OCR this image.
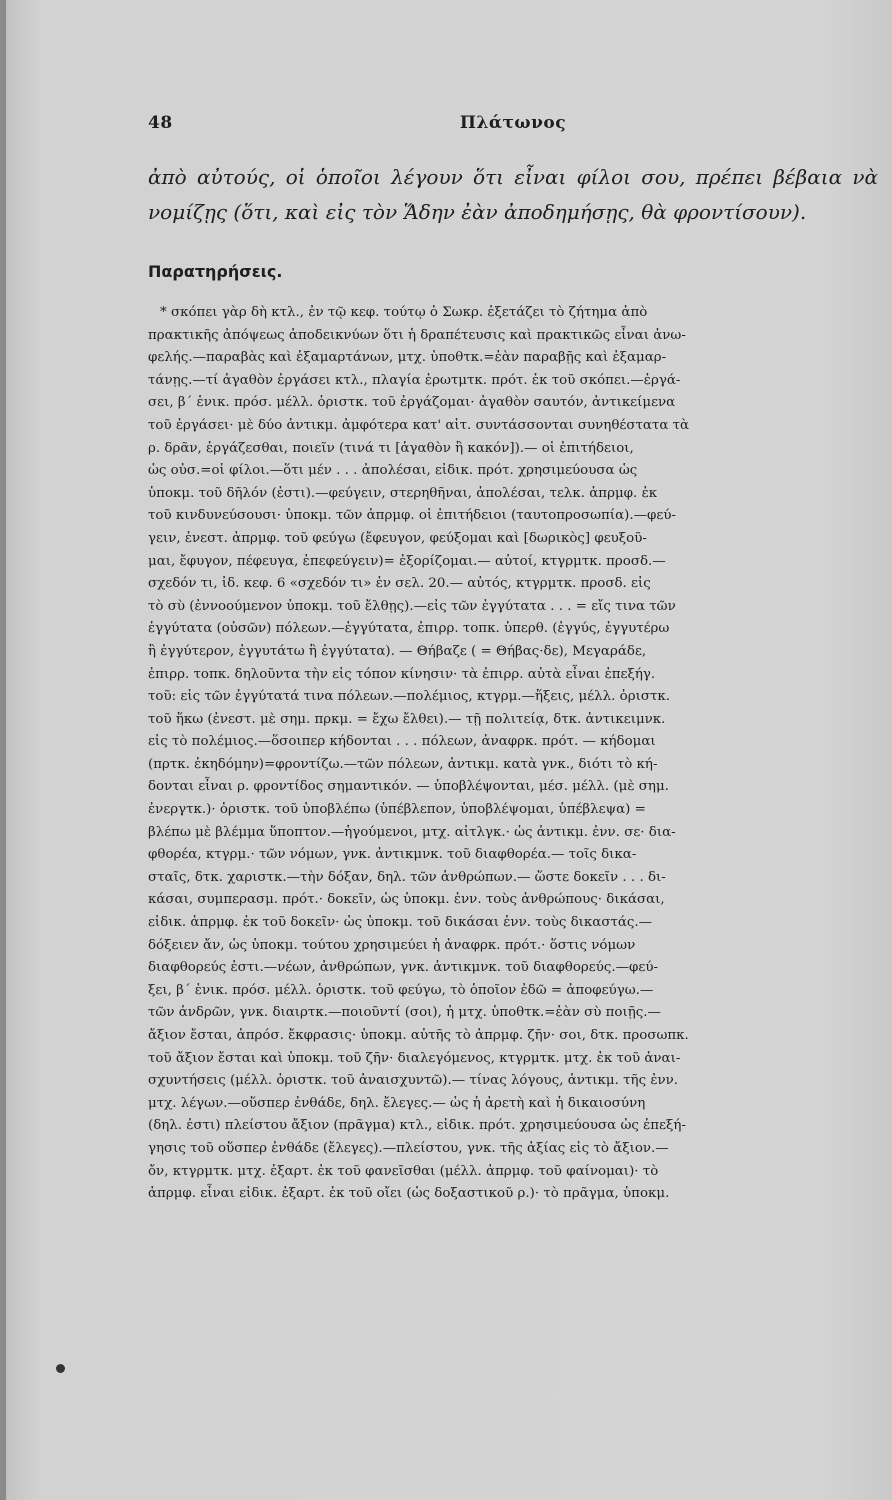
48	Πλάτωνος
ἀπὸ αὐτούς, οἱ ὁποῖοι λέγουν ὅτι εἶναι φίλοι σου, πρέπει βέβαια νὰ νομίζῃς (ὅτι, καὶ εἰς τὸν Ἅδην ἐὰν ἀποδημήσῃς, θὰ φροντίσουν).
Παρατηρήσεις.
* σκόπει γὰρ δὴ κτλ., ἐν τῷ κεφ. τούτῳ ὁ Σωκρ. ἐξετάζει τὸ ζήτημα ἀπὸ
πρακτικῆς ἀπόψεως ἀποδεικνύων ὅτι ἡ δραπέτευσις καὶ πρακτικῶς εἶναι ἀνω-
φελής.—παραβὰς καὶ ἐξαμαρτάνων, μτχ. ὑποθτκ.=ἐὰν παραβῇς καὶ ἐξαμαρ-
τάνῃς.—τί ἀγαθὸν ἐργάσει κτλ., πλαγία ἐρωτμτκ. πρότ. ἐκ τοῦ σκόπει.—ἐργά-
σει, β΄ ἑνικ. πρόσ. μέλλ. ὁριστκ. τοῦ ἐργάζομαι· ἀγαθὸν σαυτόν, ἀντικείμενα
τοῦ ἐργάσει· μὲ δύο ἀντικμ. ἀμφότερα κατ' αἰτ. συντάσσονται συνηθέστατα τὰ
ρ. δρᾶν, ἐργάζεσθαι, ποιεῖν (τινά τι [ἀγαθὸν ἢ κακόν]).— οἱ ἐπιτήδειοι,
ὡς οὐσ.=οἱ φίλοι.—ὅτι μέν . . . ἀπολέσαι, εἰδικ. πρότ. χρησιμεύουσα ὡς
ὑποκμ. τοῦ δῆλόν (ἐστι).—φεύγειν, στερηθῆναι, ἀπολέσαι, τελκ. ἀπρμφ. ἐκ
τοῦ κινδυνεύσουσι· ὑποκμ. τῶν ἀπρμφ. οἱ ἐπιτήδειοι (ταυτοπροσωπία).—φεύ-
γειν, ἐνεστ. ἀπρμφ. τοῦ φεύγω (ἔφευγον, φεύξομαι καὶ [δωρικὸς] φευξοῦ-
μαι, ἔφυγον, πέφευγα, ἐπεφεύγειν)= ἐξορίζομαι.— αὐτοί, κτγρμτκ. προσδ.—
σχεδόν τι, ἰδ. κεφ. 6 «σχεδόν τι» ἐν σελ. 20.— αὐτός, κτγρμτκ. προσδ. εἰς
τὸ σὺ (ἐννοούμενον ὑποκμ. τοῦ ἔλθῃς).—εἰς τῶν ἐγγύτατα . . . = εἴς τινα τῶν
ἐγγύτατα (οὐσῶν) πόλεων.—ἐγγύτατα, ἐπιρρ. τοπκ. ὑπερθ. (ἐγγύς, ἐγγυτέρω
ἢ ἐγγύτερον, ἐγγυτάτω ἢ ἐγγύτατα). — Θήβαζε ( = Θήβας·δε), Μεγαράδε,
ἐπιρρ. τοπκ. δηλοῦντα τὴν εἰς τόπον κίνησιν· τὰ ἐπιρρ. αὐτὰ εἶναι ἐπεξήγ.
τοῦ: εἰς τῶν ἐγγύτατά τινα πόλεων.—πολέμιος, κτγρμ.—ἥξεις, μέλλ. ὁριστκ.
τοῦ ἥκω (ἐνεστ. μὲ σημ. πρκμ. = ἔχω ἔλθει).— τῇ πολιτείᾳ, δτκ. ἀντικειμνκ.
εἰς τὸ πολέμιος.—ὅσοιπερ κήδονται . . . πόλεων, ἀναφρκ. πρότ. — κήδομαι
(πρτκ. ἐκηδόμην)=φροντίζω.—τῶν πόλεων, ἀντικμ. κατὰ γνκ., διότι τὸ κή-
δονται εἶναι ρ. φροντίδος σημαντικόν. — ὑποβλέψονται, μέσ. μέλλ. (μὲ σημ.
ἐνεργτκ.)· ὁριστκ. τοῦ ὑποβλέπω (ὑπέβλεπον, ὑποβλέψομαι, ὑπέβλεψα) =
βλέπω μὲ βλέμμα ὕποπτον.—ἡγούμενοι, μτχ. αἰτλγκ.· ὡς ἀντικμ. ἐνν. σε· δια-
φθορέα, κτγρμ.· τῶν νόμων, γνκ. ἀντικμνκ. τοῦ διαφθορέα.— τοῖς δικα-
σταῖς, δτκ. χαριστκ.—τὴν δόξαν, δηλ. τῶν ἀνθρώπων.— ὥστε δοκεῖν . . . δι-
κάσαι, συμπερασμ. πρότ.· δοκεῖν, ὡς ὑποκμ. ἐνν. τοὺς ἀνθρώπους· δικάσαι,
εἰδικ. ἀπρμφ. ἐκ τοῦ δοκεῖν· ὡς ὑποκμ. τοῦ δικάσαι ἐνν. τοὺς δικαστάς.—
δόξειεν ἄν, ὡς ὑποκμ. τούτου χρησιμεύει ἡ ἀναφρκ. πρότ.· ὅστις νόμων
διαφθορεύς ἐστι.—νέων, ἀνθρώπων, γνκ. ἀντικμνκ. τοῦ διαφθορεύς.—φεύ-
ξει, β΄ ἑνικ. πρόσ. μέλλ. ὁριστκ. τοῦ φεύγω, τὸ ὁποῖον ἐδῶ = ἀποφεύγω.—
τῶν ἀνδρῶν, γνκ. διαιρτκ.—ποιοῦντί (σοι), ἡ μτχ. ὑποθτκ.=ἐὰν σὺ ποιῇς.—
ἄξιον ἔσται, ἀπρόσ. ἔκφρασις· ὑποκμ. αὐτῆς τὸ ἀπρμφ. ζῆν· σοι, δτκ. προσωπκ.
τοῦ ἄξιον ἔσται καὶ ὑποκμ. τοῦ ζῆν· διαλεγόμενος, κτγρμτκ. μτχ. ἐκ τοῦ ἀναι-
σχυντήσεις (μέλλ. ὁριστκ. τοῦ ἀναισχυντῶ).— τίνας λόγους, ἀντικμ. τῆς ἐνν.
μτχ. λέγων.—οὕσπερ ἐνθάδε, δηλ. ἔλεγες.— ὡς ἡ ἀρετὴ καὶ ἡ δικαιοσύνη
(δηλ. ἐστι) πλείστου ἄξιον (πρᾶγμα) κτλ., εἰδικ. πρότ. χρησιμεύουσα ὡς ἐπεξή-
γησις τοῦ οὕσπερ ἐνθάδε (ἔλεγες).—πλείστου, γνκ. τῆς ἀξίας εἰς τὸ ἄξιον.—
ὄν, κτγρμτκ. μτχ. ἐξαρτ. ἐκ τοῦ φανεῖσθαι (μέλλ. ἀπρμφ. τοῦ φαίνομαι)· τὸ
ἀπρμφ. εἶναι εἰδικ. ἐξαρτ. ἐκ τοῦ οἴει (ὡς δοξαστικοῦ ρ.)· τὸ πρᾶγμα, ὑποκμ.
